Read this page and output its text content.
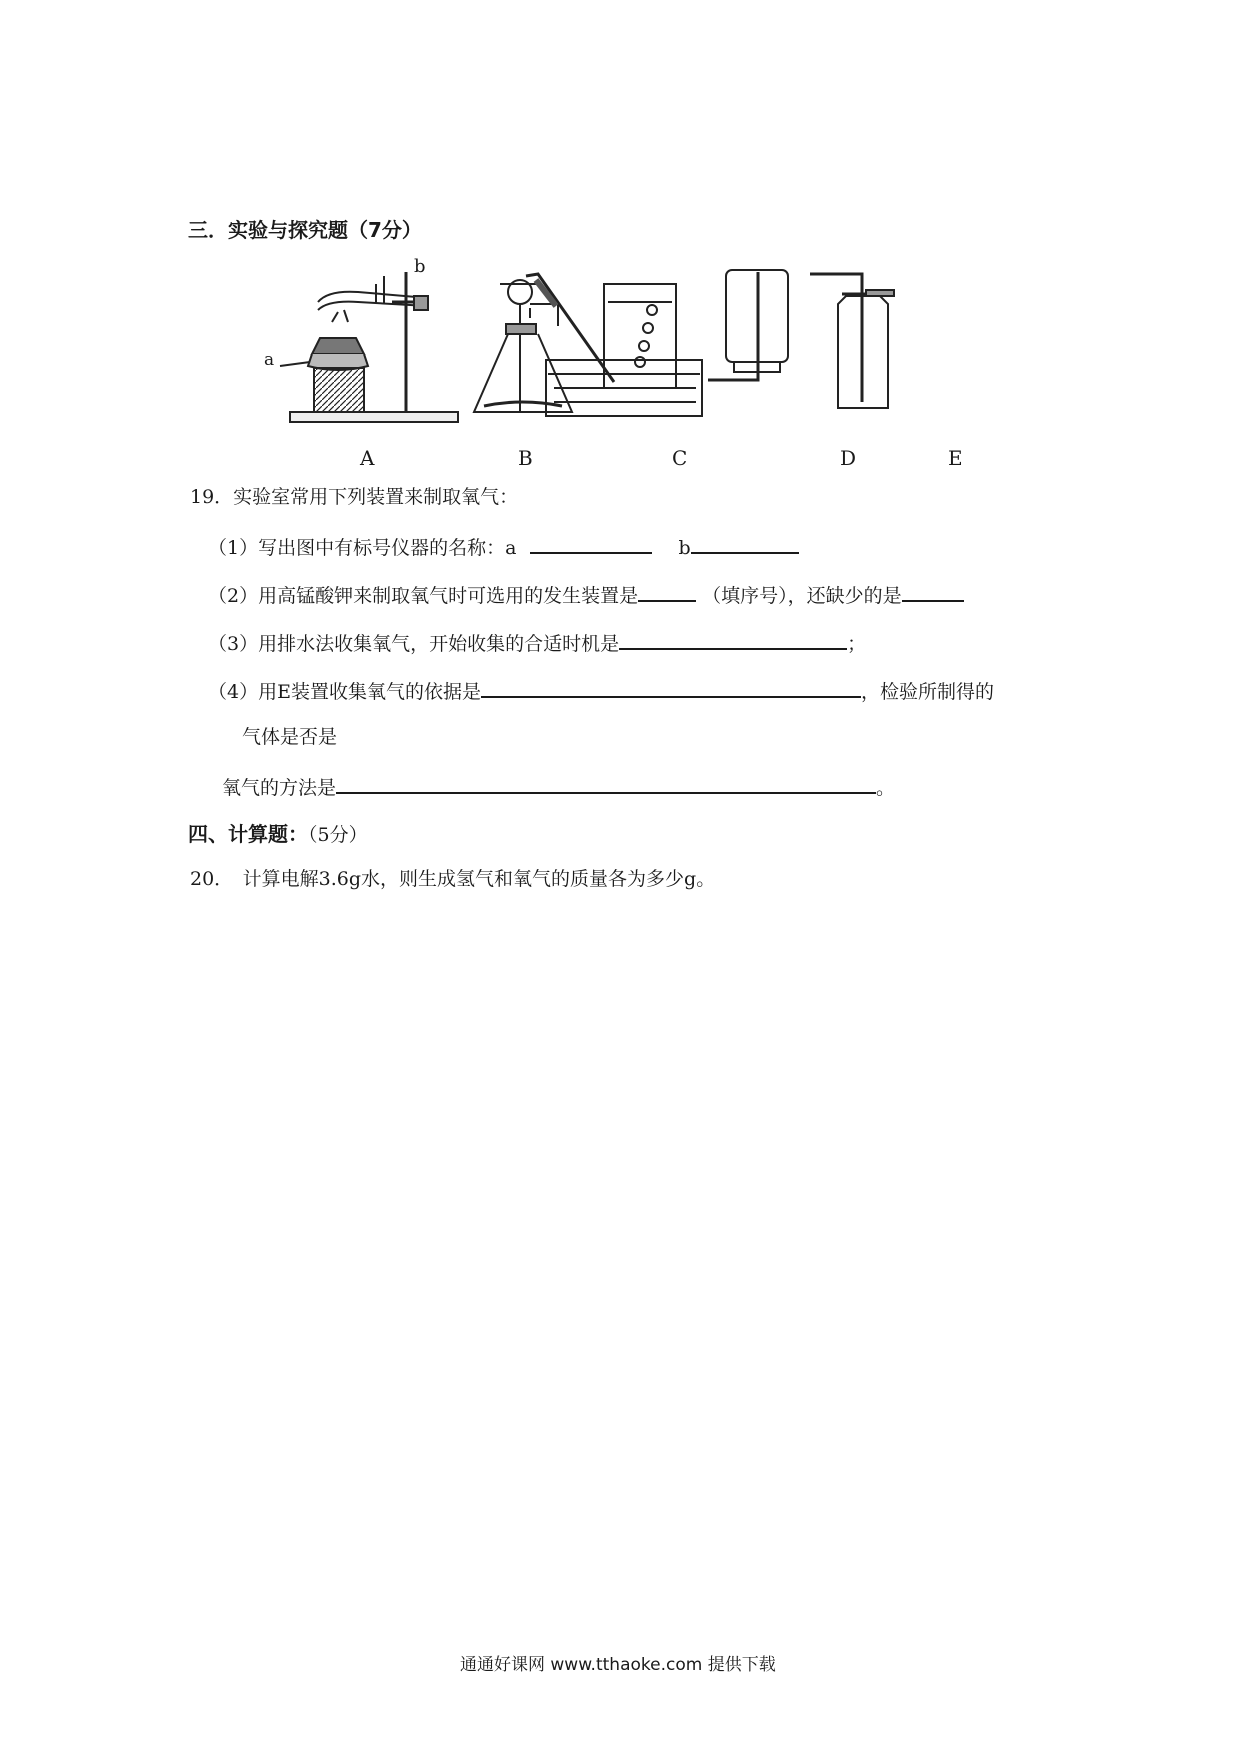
三．实验与探究题（7分）
a
b
A	B	C	D	E
19．实验室常用下列装置来制取氧气：
（1）写出图中有标号仪器的名称：a	b
（2）用高锰酸钾来制取氧气时可选用的发生装置是	（填序号），还缺少的是
（3）用排水法收集氧气，开始收集的合适时机是	；
（4）用E装置收集氧气的依据是	，检验所制得的
气体是否是
氧气的方法是	。
四、计算题：（5分）
20．　计算电解3.6g水，则生成氢气和氧气的质量各为多少g。
通通好课网 www.tthaoke.com 提供下载
